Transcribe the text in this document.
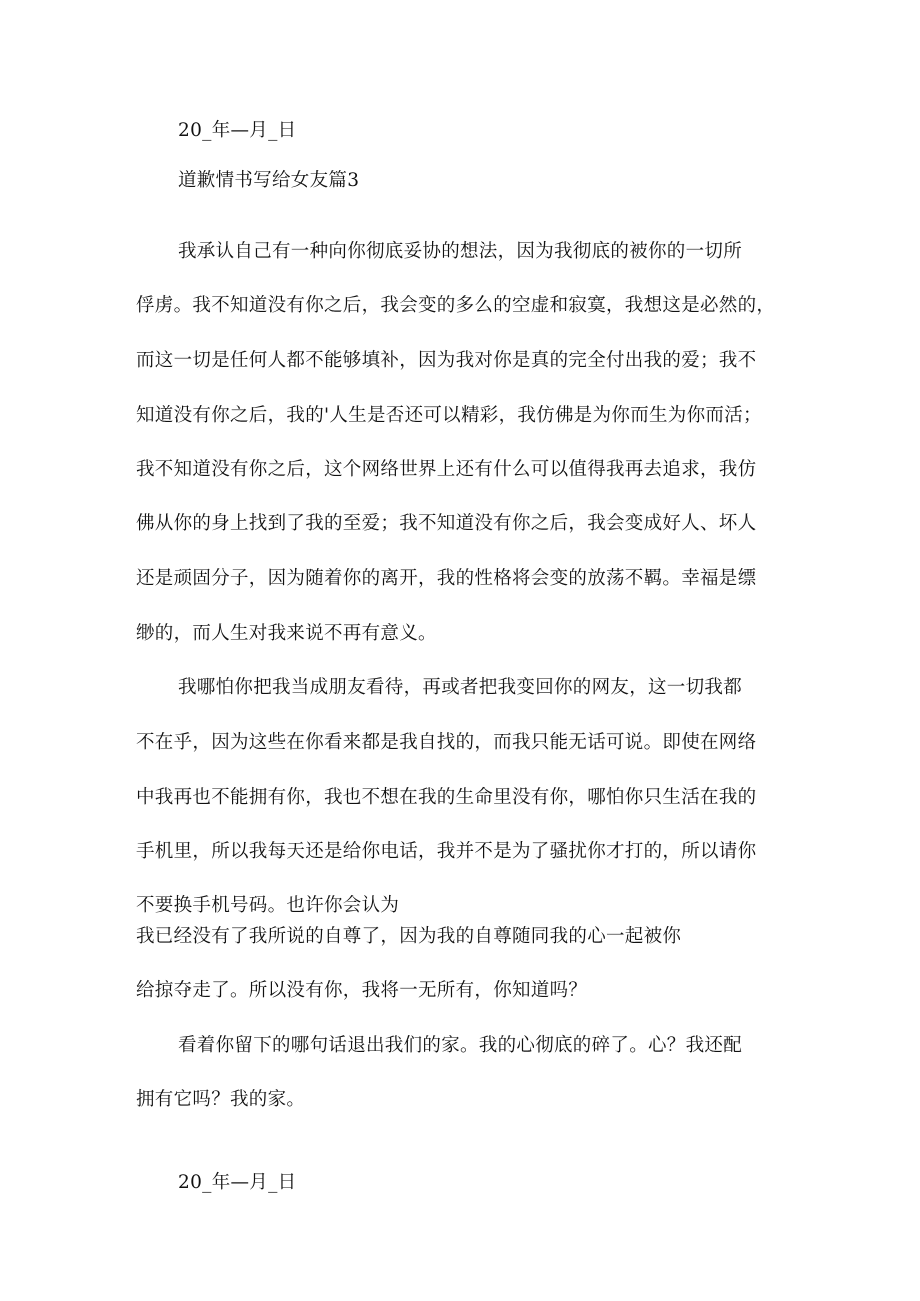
20_年—月_日
道歉情书写给女友篇3
我承认自己有一种向你彻底妥协的想法，因为我彻底的被你的一切所
俘虏。我不知道没有你之后，我会变的多么的空虚和寂寞，我想这是必然的，
而这一切是任何人都不能够填补，因为我对你是真的完全付出我的爱；我不
知道没有你之后，我的'人生是否还可以精彩，我仿佛是为你而生为你而活；
我不知道没有你之后，这个网络世界上还有什么可以值得我再去追求，我仿
佛从你的身上找到了我的至爱；我不知道没有你之后，我会变成好人、坏人
还是顽固分子，因为随着你的离开，我的性格将会变的放荡不羁。幸福是缥
缈的，而人生对我来说不再有意义。
我哪怕你把我当成朋友看待，再或者把我变回你的网友，这一切我都
不在乎，因为这些在你看来都是我自找的，而我只能无话可说。即使在网络
中我再也不能拥有你，我也不想在我的生命里没有你，哪怕你只生活在我的
手机里，所以我每天还是给你电话，我并不是为了骚扰你才打的，所以请你
不要换手机号码。也许你会认为
我已经没有了我所说的自尊了，因为我的自尊随同我的心一起被你
给掠夺走了。所以没有你，我将一无所有，你知道吗？
看着你留下的哪句话退出我们的家。我的心彻底的碎了。心？我还配
拥有它吗？我的家。
20_年—月_日
